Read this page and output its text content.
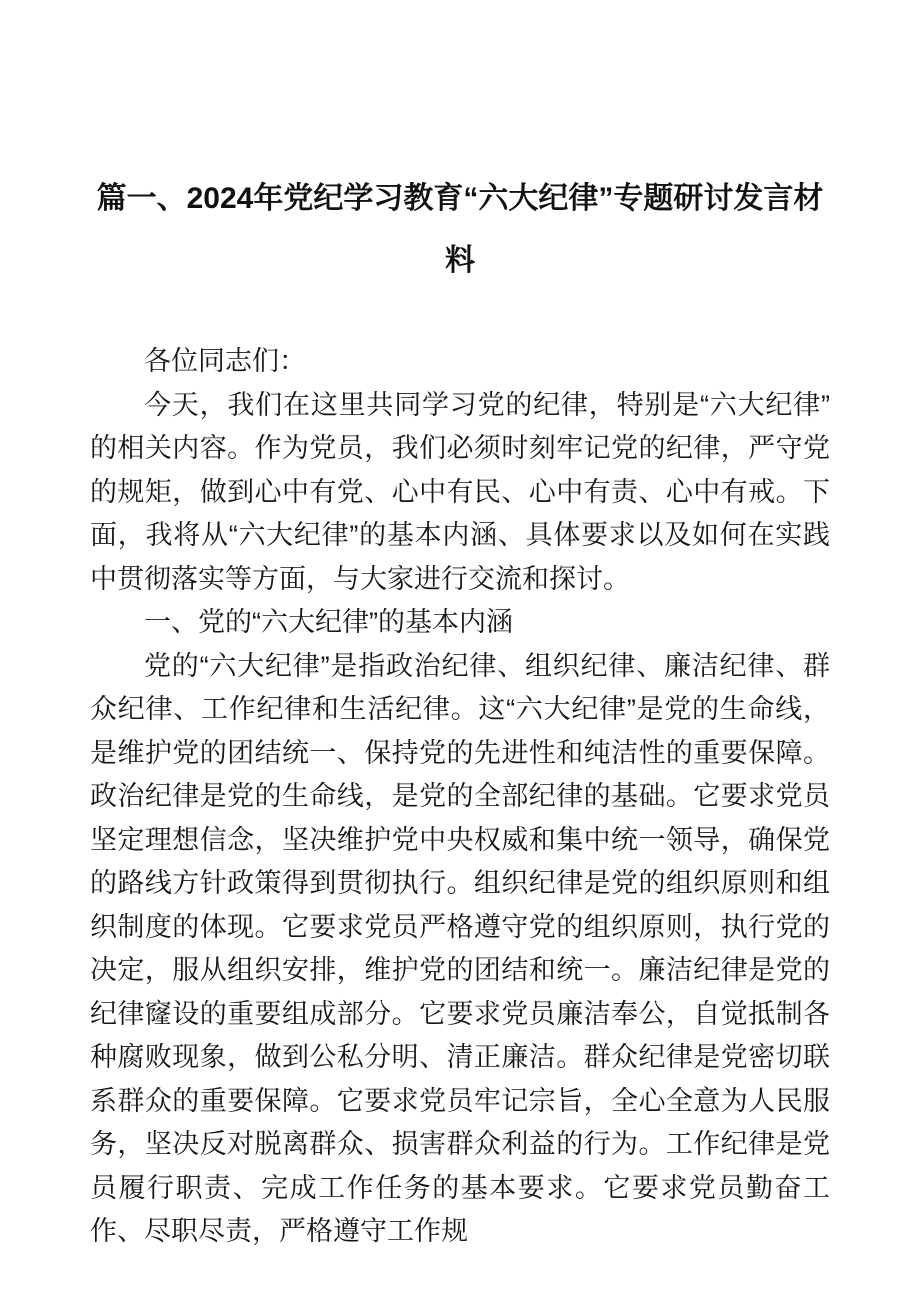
篇一、2024年党纪学习教育“六大纪律”专题研讨发言材
料

各位同志们：

今天，我们在这里共同学习党的纪律，特别是“六大纪律”的相关内容。作为党员，我们必须时刻牢记党的纪律，严守党的规矩，做到心中有党、心中有民、心中有责、心中有戒。下面，我将从“六大纪律”的基本内涵、具体要求以及如何在实践中贯彻落实等方面，与大家进行交流和探讨。

一、党的“六大纪律”的基本内涵

党的“六大纪律”是指政治纪律、组织纪律、廉洁纪律、群众纪律、工作纪律和生活纪律。这“六大纪律”是党的生命线，是维护党的团结统一、保持党的先进性和纯洁性的重要保障。政治纪律是党的生命线，是党的全部纪律的基础。它要求党员坚定理想信念，坚决维护党中央权威和集中统一领导，确保党的路线方针政策得到贯彻执行。组织纪律是党的组织原则和组织制度的体现。它要求党员严格遵守党的组织原则，执行党的决定，服从组织安排，维护党的团结和统一。廉洁纪律是党的纪律窿设的重要组成部分。它要求党员廉洁奉公，自觉抵制各种腐败现象，做到公私分明、清正廉洁。群众纪律是党密切联系群众的重要保障。它要求党员牢记宗旨，全心全意为人民服务，坚决反对脱离群众、损害群众利益的行为。工作纪律是党员履行职责、完成工作任务的基本要求。它要求党员勤奋工作、尽职尽责，严格遵守工作规
